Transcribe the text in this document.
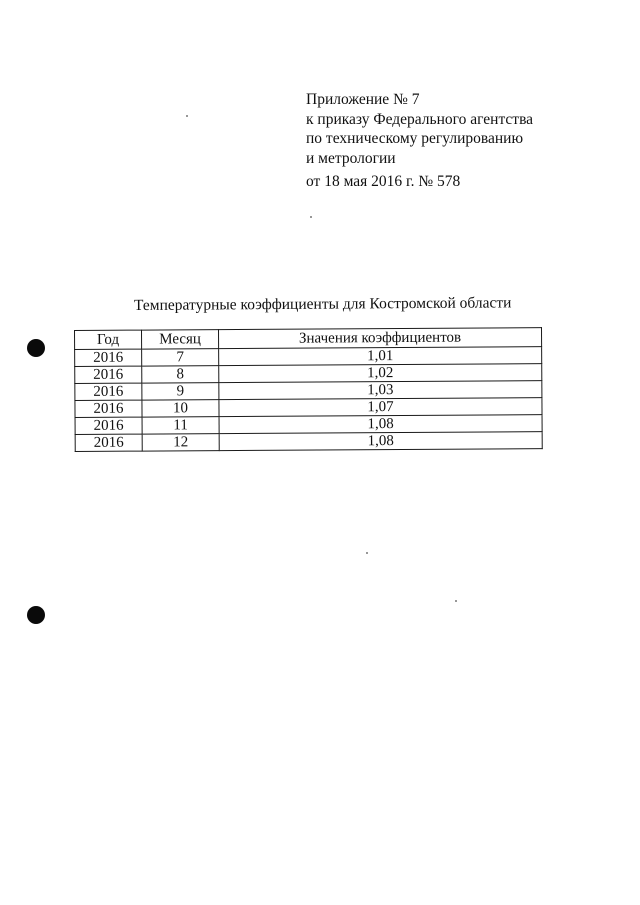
Приложение № 7
к приказу Федерального агентства
по техническому регулированию
и метрологии
от 18 мая 2016 г. № 578
Температурные коэффициенты для Костромской области
Год	Месяц	Значения коэффициентов
2016	7	1,01
2016	8	1,02
2016	9	1,03
2016	10	1,07
2016	11	1,08
2016	12	1,08
